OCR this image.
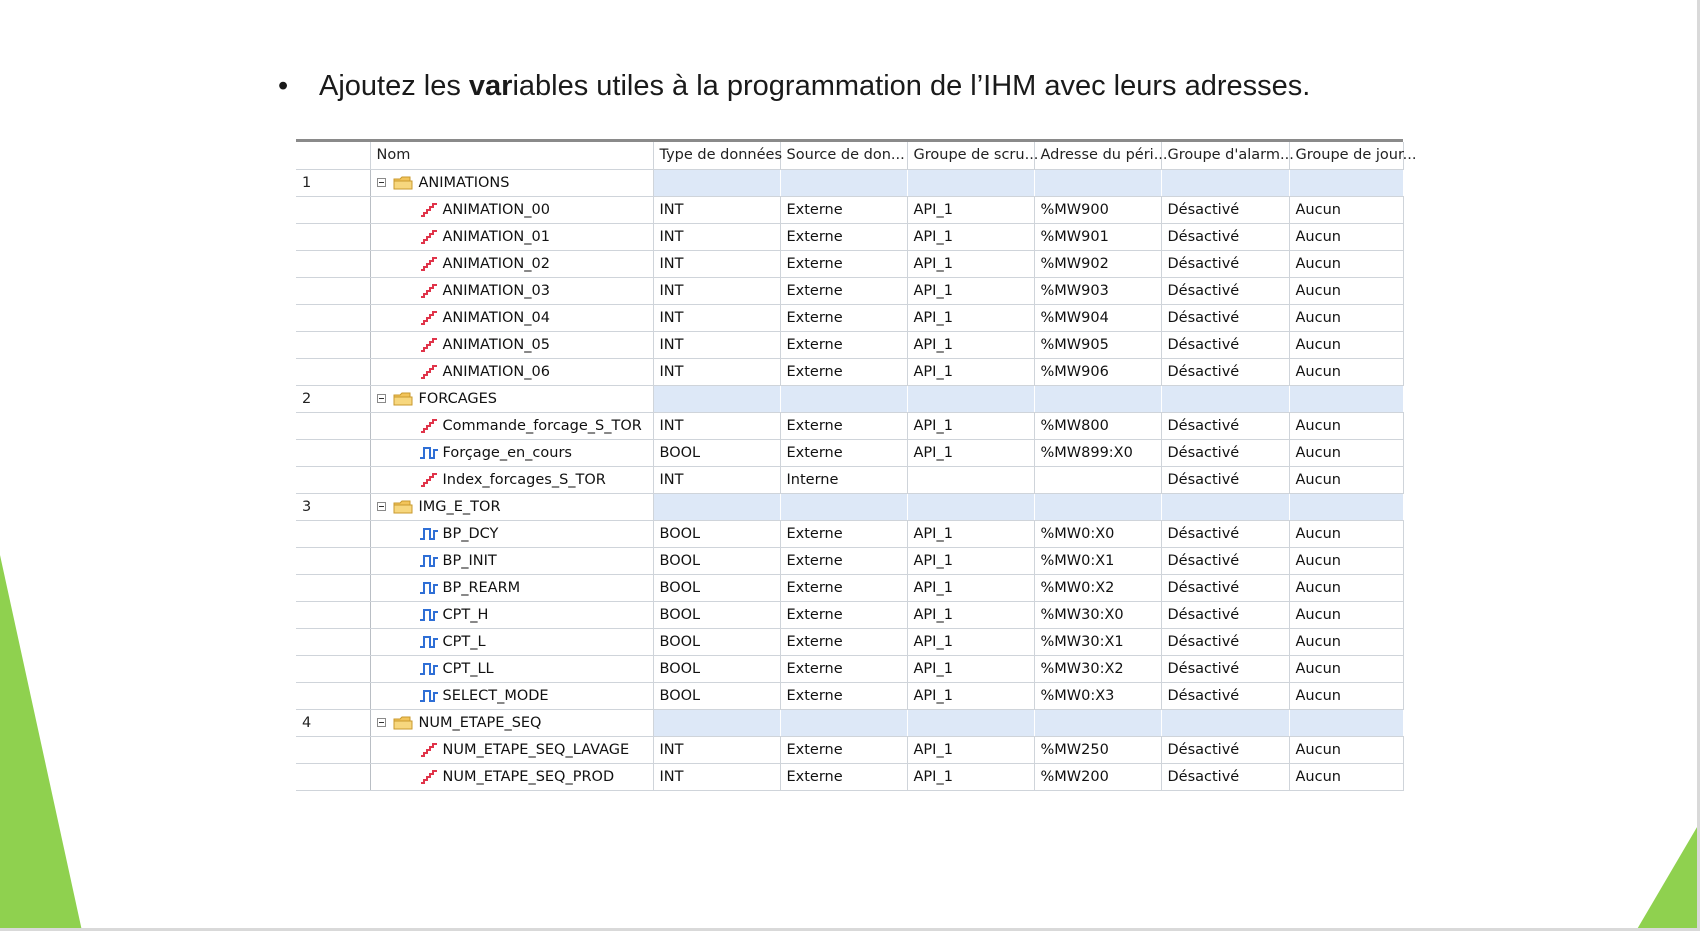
• Ajoutez les variables utiles à la programmation de l’IHM avec leurs adresses.
	Nom	Type de données	Source de don...	Groupe de scru...	Adresse du péri...	Groupe d'alarm...	Groupe de jour...
1	ANIMATIONS						

	ANIMATION_00	INT	Externe	API_1	%MW900	Désactivé	Aucun

	ANIMATION_01	INT	Externe	API_1	%MW901	Désactivé	Aucun

	ANIMATION_02	INT	Externe	API_1	%MW902	Désactivé	Aucun

	ANIMATION_03	INT	Externe	API_1	%MW903	Désactivé	Aucun

	ANIMATION_04	INT	Externe	API_1	%MW904	Désactivé	Aucun

	ANIMATION_05	INT	Externe	API_1	%MW905	Désactivé	Aucun

	ANIMATION_06	INT	Externe	API_1	%MW906	Désactivé	Aucun
2	FORCAGES						

	Commande_forcage_S_TOR	INT	Externe	API_1	%MW800	Désactivé	Aucun

	Forçage_en_cours	BOOL	Externe	API_1	%MW899:X0	Désactivé	Aucun

	Index_forcages_S_TOR	INT	Interne			Désactivé	Aucun
3	IMG_E_TOR						

	BP_DCY	BOOL	Externe	API_1	%MW0:X0	Désactivé	Aucun

	BP_INIT	BOOL	Externe	API_1	%MW0:X1	Désactivé	Aucun

	BP_REARM	BOOL	Externe	API_1	%MW0:X2	Désactivé	Aucun

	CPT_H	BOOL	Externe	API_1	%MW30:X0	Désactivé	Aucun

	CPT_L	BOOL	Externe	API_1	%MW30:X1	Désactivé	Aucun

	CPT_LL	BOOL	Externe	API_1	%MW30:X2	Désactivé	Aucun

	SELECT_MODE	BOOL	Externe	API_1	%MW0:X3	Désactivé	Aucun
4	NUM_ETAPE_SEQ						

	NUM_ETAPE_SEQ_LAVAGE	INT	Externe	API_1	%MW250	Désactivé	Aucun

	NUM_ETAPE_SEQ_PROD	INT	Externe	API_1	%MW200	Désactivé	Aucun
